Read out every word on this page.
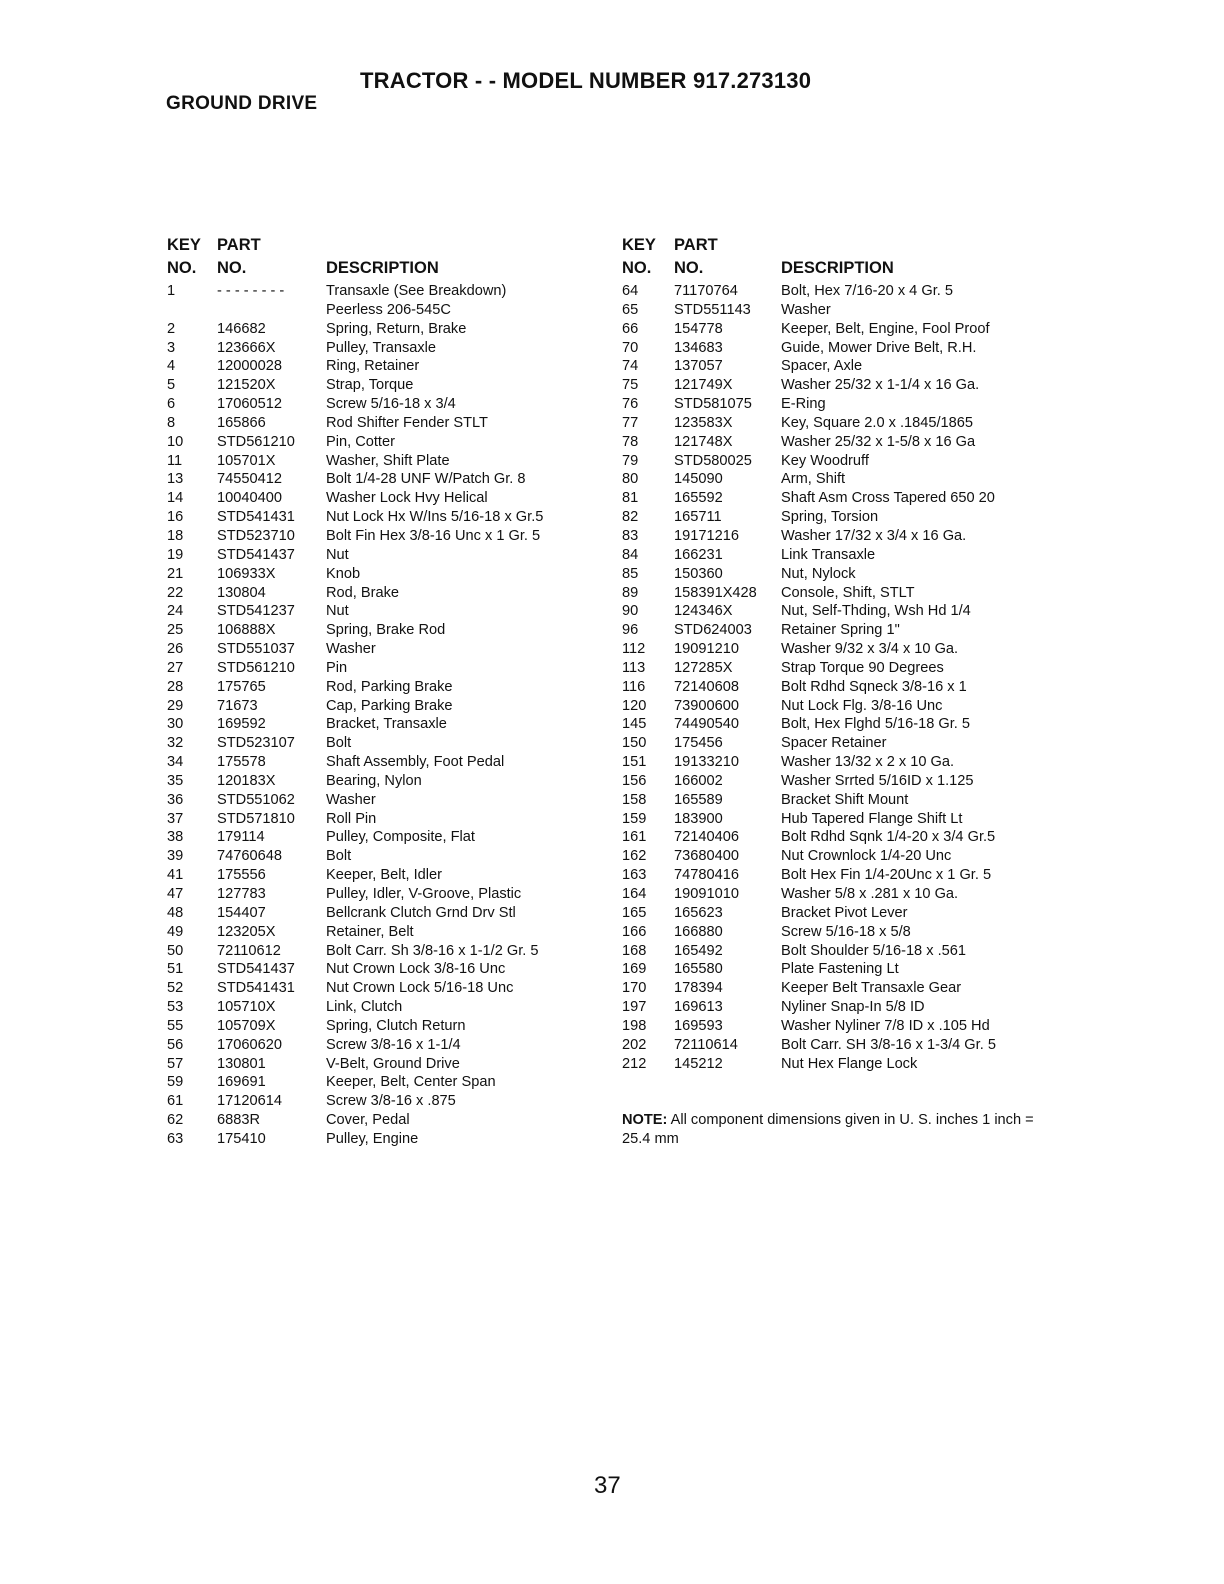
TRACTOR - - MODEL NUMBER 917.273130
GROUND DRIVE
KEY PART
NO. NO.	DESCRIPTION
1	- - - - - - - -	Transaxle (See Breakdown)
Peerless 206-545C
2	146682	Spring, Return, Brake
3	123666X	Pulley, Transaxle
4	12000028	Ring, Retainer
5	121520X	Strap, Torque
6	17060512	Screw 5/16-18 x 3/4
8	165866	Rod Shifter Fender STLT
10 STD561210 Pin, Cotter
11 105701X	Washer, Shift Plate
13 74550412	Bolt 1/4-28 UNF W/Patch Gr. 8
14 10040400	Washer Lock Hvy Helical
16 STD541431 Nut Lock Hx W/Ins 5/16-18 x Gr.5
18 STD523710 Bolt Fin Hex 3/8-16 Unc x 1 Gr. 5
19 STD541437 Nut
21 106933X	Knob
22 130804	Rod, Brake
24 STD541237 Nut
25 106888X	Spring, Brake Rod
26 STD551037 Washer
27 STD561210 Pin
28 175765	Rod, Parking Brake
29 71673	Cap, Parking Brake
30 169592	Bracket, Transaxle
32 STD523107 Bolt
34 175578	Shaft Assembly, Foot Pedal
35 120183X	Bearing, Nylon
36 STD551062 Washer
37 STD571810 Roll Pin
38 179114	Pulley, Composite, Flat
39 74760648	Bolt
41 175556	Keeper, Belt, Idler
47 127783	Pulley, Idler, V-Groove, Plastic
48 154407	Bellcrank Clutch Grnd Drv Stl
49 123205X	Retainer, Belt
50 72110612	Bolt Carr. Sh 3/8-16 x 1-1/2 Gr. 5
51 STD541437 Nut Crown Lock 3/8-16 Unc
52 STD541431 Nut Crown Lock 5/16-18 Unc
53 105710X	Link, Clutch
55 105709X	Spring, Clutch Return
56 17060620	Screw 3/8-16 x 1-1/4
57 130801	V-Belt, Ground Drive
59 169691	Keeper, Belt, Center Span
61 17120614	Screw 3/8-16 x .875
62 6883R	Cover, Pedal
63 175410	Pulley, Engine
KEY PART
NO. NO.	DESCRIPTION
64 71170764	Bolt, Hex 7/16-20 x 4 Gr. 5
65 STD551143 Washer
66 154778	Keeper, Belt, Engine, Fool Proof
70 134683	Guide, Mower Drive Belt, R.H.
74 137057	Spacer, Axle
75 121749X	Washer 25/32 x 1-1/4 x 16 Ga.
76 STD581075 E-Ring
77 123583X	Key, Square 2.0 x .1845/1865
78 121748X	Washer 25/32 x 1-5/8 x 16 Ga
79 STD580025 Key Woodruff
80 145090	Arm, Shift
81 165592	Shaft Asm Cross Tapered 650 20
82 165711	Spring, Torsion
83 19171216	Washer 17/32 x 3/4 x 16 Ga.
84 166231	Link Transaxle
85 150360	Nut, Nylock
89 158391X428 Console, Shift, STLT
90 124346X	Nut, Self-Thding, Wsh Hd 1/4
96 STD624003 Retainer Spring 1"
112 19091210	Washer 9/32 x 3/4 x 10 Ga.
113 127285X	Strap Torque 90 Degrees
116 72140608	Bolt Rdhd Sqneck 3/8-16 x 1
120 73900600	Nut Lock Flg. 3/8-16 Unc
145 74490540	Bolt, Hex Flghd 5/16-18 Gr. 5
150 175456	Spacer Retainer
151 19133210	Washer 13/32 x 2 x 10 Ga.
156 166002	Washer Srrted 5/16ID x 1.125
158 165589	Bracket Shift Mount
159 183900	Hub Tapered Flange Shift Lt
161 72140406	Bolt Rdhd Sqnk 1/4-20 x 3/4 Gr.5
162 73680400	Nut Crownlock 1/4-20 Unc
163 74780416	Bolt Hex Fin 1/4-20Unc x 1 Gr. 5
164 19091010	Washer 5/8 x .281 x 10 Ga.
165 165623	Bracket Pivot Lever
166 166880	Screw 5/16-18 x 5/8
168 165492	Bolt Shoulder 5/16-18 x .561
169 165580	Plate Fastening Lt
170 178394	Keeper Belt Transaxle Gear
197 169613	Nyliner Snap-In 5/8 ID
198 169593	Washer Nyliner 7/8 ID x .105 Hd
202 72110614	Bolt Carr. SH 3/8-16 x 1-3/4 Gr. 5
212 145212	Nut Hex Flange Lock
NOTE: All component dimensions given in U. S. inches 1 inch = 25.4 mm
37
